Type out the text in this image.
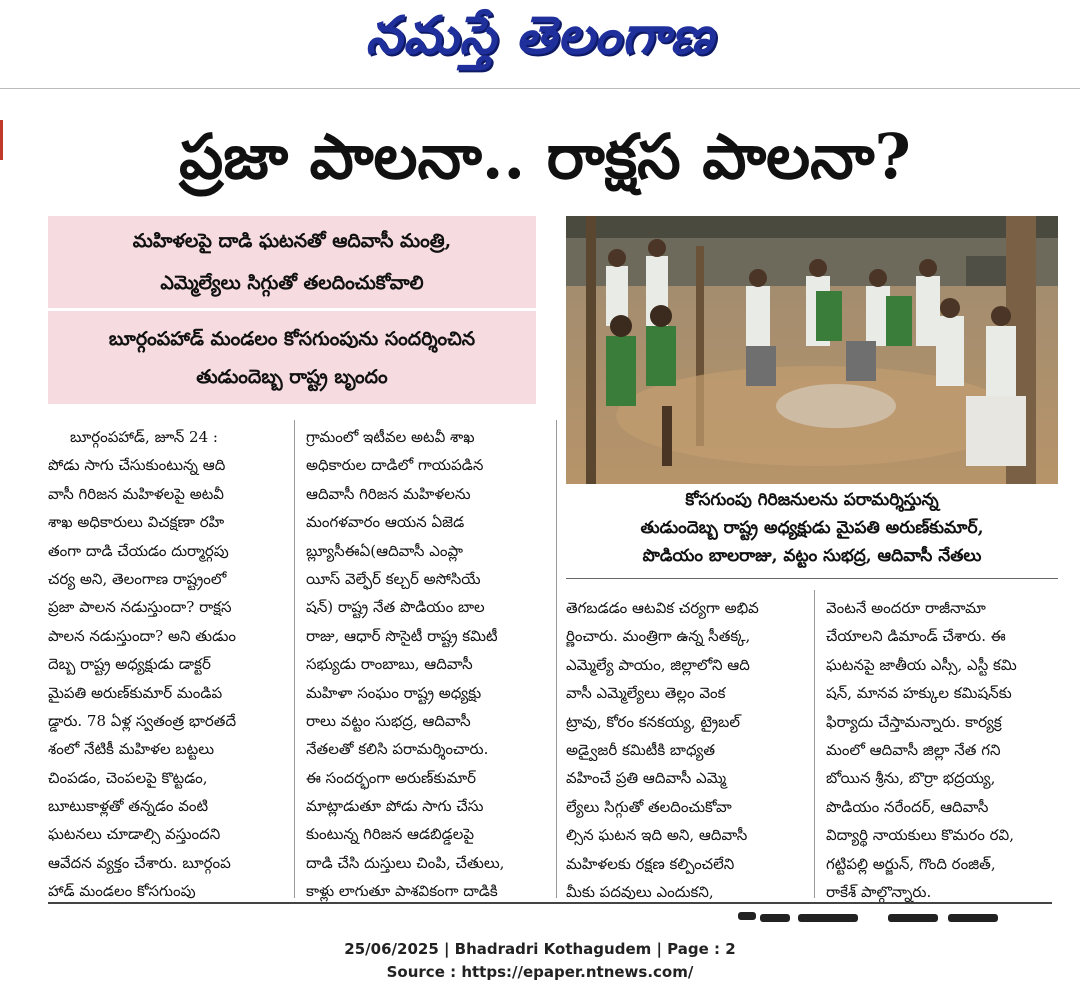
నమస్తే తెలంగాణ
ప్రజా పాలనా.. రాక్షస పాలనా?
మహిళలపై దాడి ఘటనతో ఆదివాసీ మంత్రి,
ఎమ్మెల్యేలు సిగ్గుతో తలదించుకోవాలి
బూర్గంపహాడ్ మండలం కోసగుంపును సందర్శించిన
తుడుందెబ్బ రాష్ట్ర బృందం
కోసగుంపు గిరిజనులను పరామర్శిస్తున్న
తుడుందెబ్బ రాష్ట్ర అధ్యక్షుడు మైపతి అరుణ్‌కుమార్,
పొడియం బాలరాజు, వట్టం సుభద్ర, ఆదివాసీ నేతలు
బూర్గంపహాడ్, జూన్ 24 :
పోడు సాగు చేసుకుంటున్న ఆది
వాసీ గిరిజన మహిళలపై అటవీ
శాఖ అధికారులు విచక్షణా రహి
తంగా దాడి చేయడం దుర్మార్గపు
చర్య అని, తెలంగాణ రాష్ట్రంలో
ప్రజా పాలన నడుస్తుందా? రాక్షస
పాలన నడుస్తుందా? అని తుడుం
దెబ్బ రాష్ట్ర అధ్యక్షుడు డాక్టర్
మైపతి అరుణ్‌కుమార్ మండిప
డ్డారు. 78 ఏళ్ల స్వతంత్ర భారతదే
శంలో నేటికీ మహిళల బట్టలు
చింపడం, చెంపలపై కొట్టడం,
బూటుకాళ్లతో తన్నడం వంటి
ఘటనలు చూడాల్సి వస్తుందని
ఆవేదన వ్యక్తం చేశారు. బూర్గంప
హాడ్ మండలం కోసగుంపు
గ్రామంలో ఇటీవల అటవీ శాఖ
అధికారుల దాడిలో గాయపడిన
ఆదివాసీ గిరిజన మహిళలను
మంగళవారం ఆయన ఏజెడ
బ్ల్యూసీఈఏ(ఆదివాసీ ఎంప్లా
యీస్ వెల్ఫేర్ కల్చర్ అసోసియే
షన్) రాష్ట్ర నేత పొడియం బాల
రాజు, ఆధార్ సొసైటీ రాష్ట్ర కమిటీ
సభ్యుడు రాంబాబు, ఆదివాసీ
మహిళా సంఘం రాష్ట్ర అధ్యక్షు
రాలు వట్టం సుభద్ర, ఆదివాసీ
నేతలతో కలిసి పరామర్శించారు.
ఈ సందర్భంగా అరుణ్‌కుమార్
మాట్లాడుతూ పోడు సాగు చేసు
కుంటున్న గిరిజన ఆడబిడ్డలపై
దాడి చేసి దుస్తులు చింపి, చేతులు,
కాళ్లు లాగుతూ పాశవికంగా దాడికి
తెగబడడం ఆటవిక చర్యగా అభివ
ర్ణించారు. మంత్రిగా ఉన్న సీతక్క,
ఎమ్మెల్యే పాయం, జిల్లాలోని ఆది
వాసీ ఎమ్మెల్యేలు తెల్లం వెంక
ట్రావు, కోరం కనకయ్య, ట్రైబల్
అడ్వైజరీ కమిటీకి బాధ్యత
వహించే ప్రతి ఆదివాసీ ఎమ్మె
ల్యేలు సిగ్గుతో తలదించుకోవా
ల్సిన ఘటన ఇది అని, ఆదివాసీ
మహిళలకు రక్షణ కల్పించలేని
మీకు పదవులు ఎందుకని,
వెంటనే అందరూ రాజీనామా
చేయాలని డిమాండ్ చేశారు. ఈ
ఘటనపై జాతీయ ఎస్సీ, ఎస్టీ కమి
షన్, మానవ హక్కుల కమిషన్‌కు
ఫిర్యాదు చేస్తామన్నారు. కార్యక్ర
మంలో ఆదివాసీ జిల్లా నేత గని
బోయిన శ్రీను, బొర్రా భద్రయ్య,
పొడియం నరేందర్, ఆదివాసీ
విద్యార్థి నాయకులు కొమరం రవి,
గట్టిపల్లి అర్జున్, గొంది రంజిత్,
రాకేశ్ పాల్గొన్నారు.
25/06/2025 | Bhadradri Kothagudem | Page : 2
Source : https://epaper.ntnews.com/
